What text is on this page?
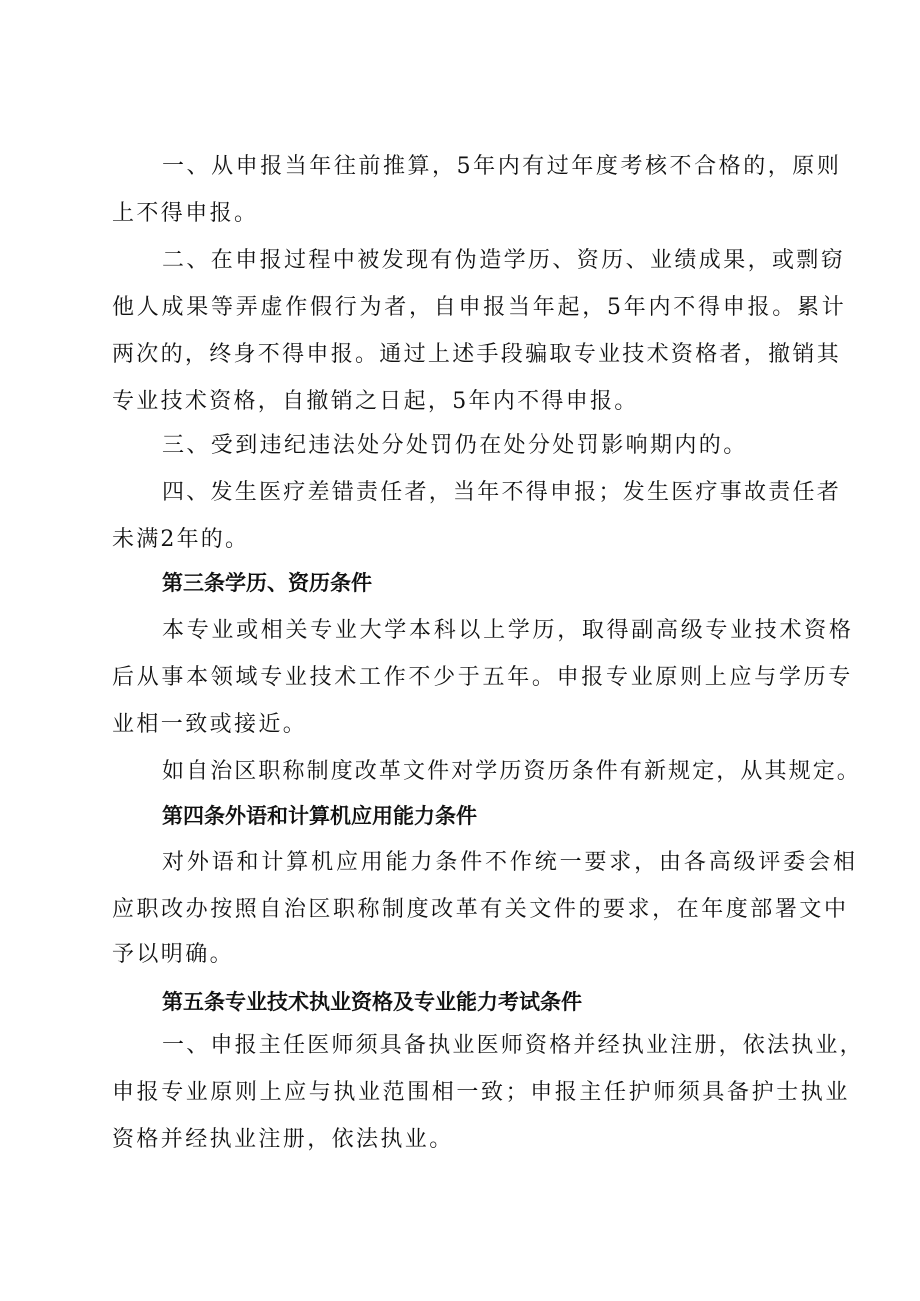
一、从申报当年往前推算，5年内有过年度考核不合格的，原则
上不得申报。
二、在申报过程中被发现有伪造学历、资历、业绩成果，或剽窃
他人成果等弄虚作假行为者，自申报当年起，5年内不得申报。累计
两次的，终身不得申报。通过上述手段骗取专业技术资格者，撤销其
专业技术资格，自撤销之日起，5年内不得申报。
三、受到违纪违法处分处罚仍在处分处罚影响期内的。
四、发生医疗差错责任者，当年不得申报；发生医疗事故责任者
未满2年的。
第三条学历、资历条件
本专业或相关专业大学本科以上学历，取得副高级专业技术资格
后从事本领域专业技术工作不少于五年。申报专业原则上应与学历专
业相一致或接近。
如自治区职称制度改革文件对学历资历条件有新规定，从其规定。
第四条外语和计算机应用能力条件
对外语和计算机应用能力条件不作统一要求，由各高级评委会相
应职改办按照自治区职称制度改革有关文件的要求，在年度部署文中
予以明确。
第五条专业技术执业资格及专业能力考试条件
一、申报主任医师须具备执业医师资格并经执业注册，依法执业，
申报专业原则上应与执业范围相一致；申报主任护师须具备护士执业
资格并经执业注册，依法执业。
